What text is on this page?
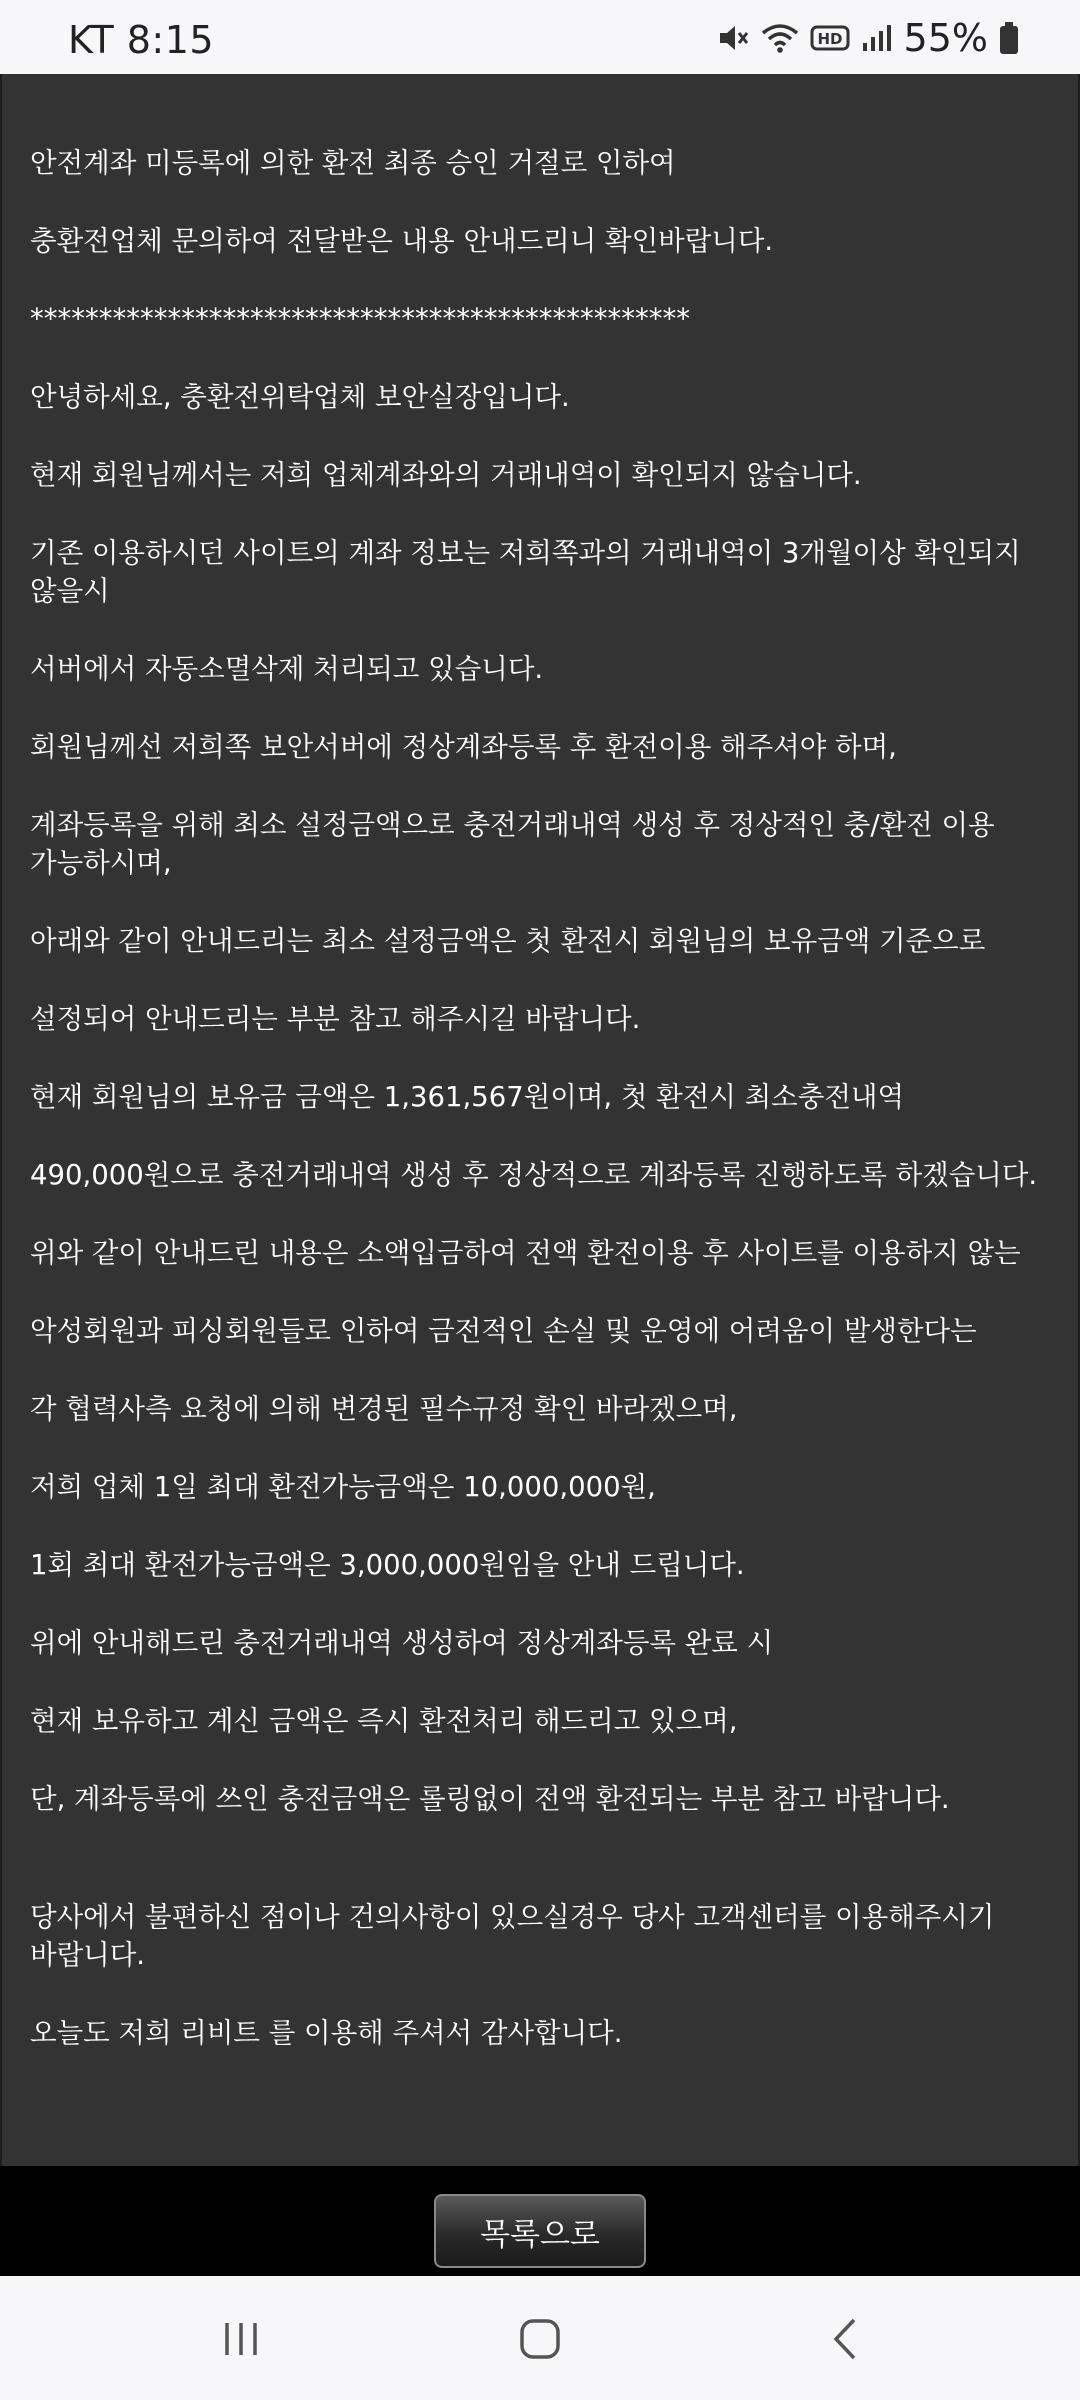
KT 8:15	HD 55%

안전계좌 미등록에 의한 환전 최종 승인 거절로 인하여

충환전업체 문의하여 전달받은 내용 안내드리니 확인바랍니다.

************************************************

안녕하세요, 충환전위탁업체 보안실장입니다.

현재 회원님께서는 저희 업체계좌와의 거래내역이 확인되지 않습니다.

기존 이용하시던 사이트의 계좌 정보는 저희쪽과의 거래내역이 3개월이상 확인되지 않을시

서버에서 자동소멸삭제 처리되고 있습니다.

회원님께선 저희쪽 보안서버에 정상계좌등록 후 환전이용 해주셔야 하며,

계좌등록을 위해 최소 설정금액으로 충전거래내역 생성 후 정상적인 충/환전 이용 가능하시며,

아래와 같이 안내드리는 최소 설정금액은 첫 환전시 회원님의 보유금액 기준으로

설정되어 안내드리는 부분 참고 해주시길 바랍니다.

현재 회원님의 보유금 금액은 1,361,567원이며, 첫 환전시 최소충전내역

490,000원으로 충전거래내역 생성 후 정상적으로 계좌등록 진행하도록 하겠습니다.

위와 같이 안내드린 내용은 소액입금하여 전액 환전이용 후 사이트를 이용하지 않는

악성회원과 피싱회원들로 인하여 금전적인 손실 및 운영에 어려움이 발생한다는

각 협력사측 요청에 의해 변경된 필수규정 확인 바라겠으며,

저희 업체 1일 최대 환전가능금액은 10,000,000원,

1회 최대 환전가능금액은 3,000,000원임을 안내 드립니다.

위에 안내해드린 충전거래내역 생성하여 정상계좌등록 완료 시

현재 보유하고 계신 금액은 즉시 환전처리 해드리고 있으며,

단, 계좌등록에 쓰인 충전금액은 롤링없이 전액 환전되는 부분 참고 바랍니다.

당사에서 불편하신 점이나 건의사항이 있으실경우 당사 고객센터를 이용해주시기 바랍니다.

오늘도 저희 리비트 를 이용해 주셔서 감사합니다.

목록으로
